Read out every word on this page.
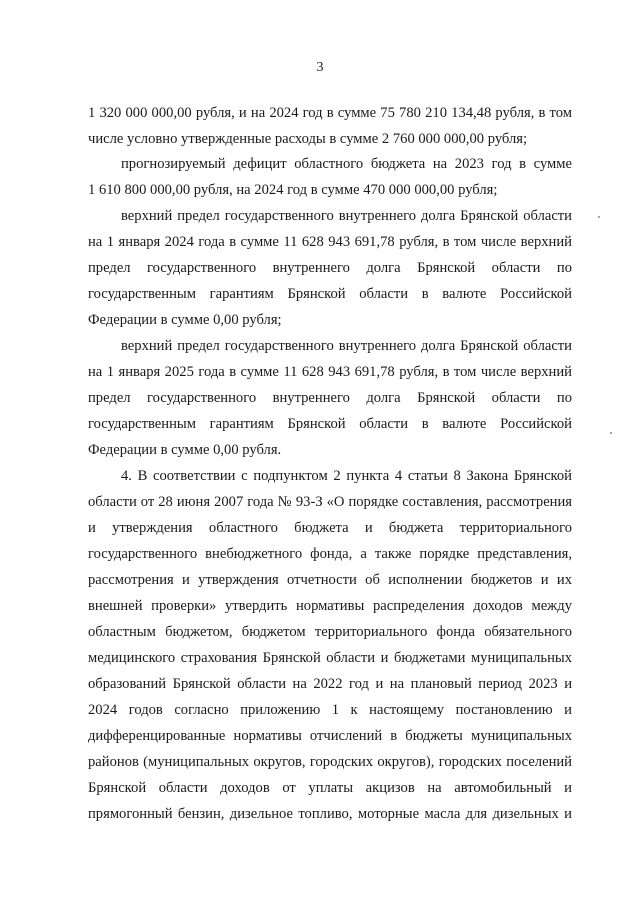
3
1 320 000 000,00 рубля, и на 2024 год в сумме 75 780 210 134,48 рубля, в том
числе условно утвержденные расходы в сумме 2 760 000 000,00 рубля;
прогнозируемый дефицит областного бюджета на 2023 год в сумме
1 610 800 000,00 рубля, на 2024 год в сумме 470 000 000,00 рубля;
верхний предел государственного внутреннего долга Брянской области
на 1 января 2024 года в сумме 11 628 943 691,78 рубля, в том числе верхний
предел государственного внутреннего долга Брянской области по
государственным гарантиям Брянской области в валюте Российской
Федерации в сумме 0,00 рубля;
верхний предел государственного внутреннего долга Брянской области
на 1 января 2025 года в сумме 11 628 943 691,78 рубля, в том числе верхний
предел государственного внутреннего долга Брянской области по
государственным гарантиям Брянской области в валюте Российской
Федерации в сумме 0,00 рубля.
4. В соответствии с подпунктом 2 пункта 4 статьи 8 Закона Брянской
области от 28 июня 2007 года № 93-З «О порядке составления, рассмотрения
и утверждения областного бюджета и бюджета территориального
государственного внебюджетного фонда, а также порядке представления,
рассмотрения и утверждения отчетности об исполнении бюджетов и их
внешней проверки» утвердить нормативы распределения доходов между
областным бюджетом, бюджетом территориального фонда обязательного
медицинского страхования Брянской области и бюджетами муниципальных
образований Брянской области на 2022 год и на плановый период 2023 и
2024 годов согласно приложению 1 к настоящему постановлению и
дифференцированные нормативы отчислений в бюджеты муниципальных
районов (муниципальных округов, городских округов), городских поселений
Брянской области доходов от уплаты акцизов на автомобильный и
прямогонный бензин, дизельное топливо, моторные масла для дизельных и
